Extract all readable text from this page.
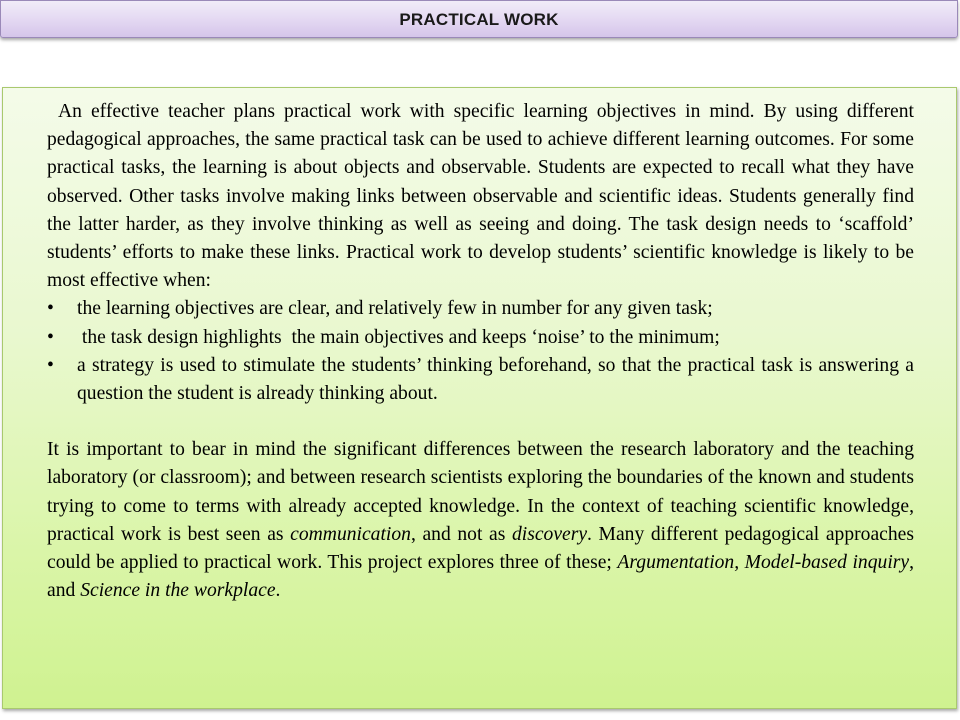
PRACTICAL WORK

An effective teacher plans practical work with specific learning objectives in mind. By using different pedagogical approaches, the same practical task can be used to achieve different learning outcomes. For some practical tasks, the learning is about objects and observable. Students are expected to recall what they have observed. Other tasks involve making links between observable and scientific ideas. Students generally find the latter harder, as they involve thinking as well as seeing and doing. The task design needs to ‘scaffold’ students’ efforts to make these links. Practical work to develop students’ scientific knowledge is likely to be most effective when:

• the learning objectives are clear, and relatively few in number for any given task;
• the task design highlights  the main objectives and keeps ‘noise’ to the minimum;
• a strategy is used to stimulate the students’ thinking beforehand, so that the practical task is answering a question the student is already thinking about.

It is important to bear in mind the significant differences between the research laboratory and the teaching laboratory (or classroom); and between research scientists exploring the boundaries of the known and students trying to come to terms with already accepted knowledge. In the context of teaching scientific knowledge, practical work is best seen as communication, and not as discovery. Many different pedagogical approaches could be applied to practical work. This project explores three of these; Argumentation, Model-based inquiry, and Science in the workplace.
